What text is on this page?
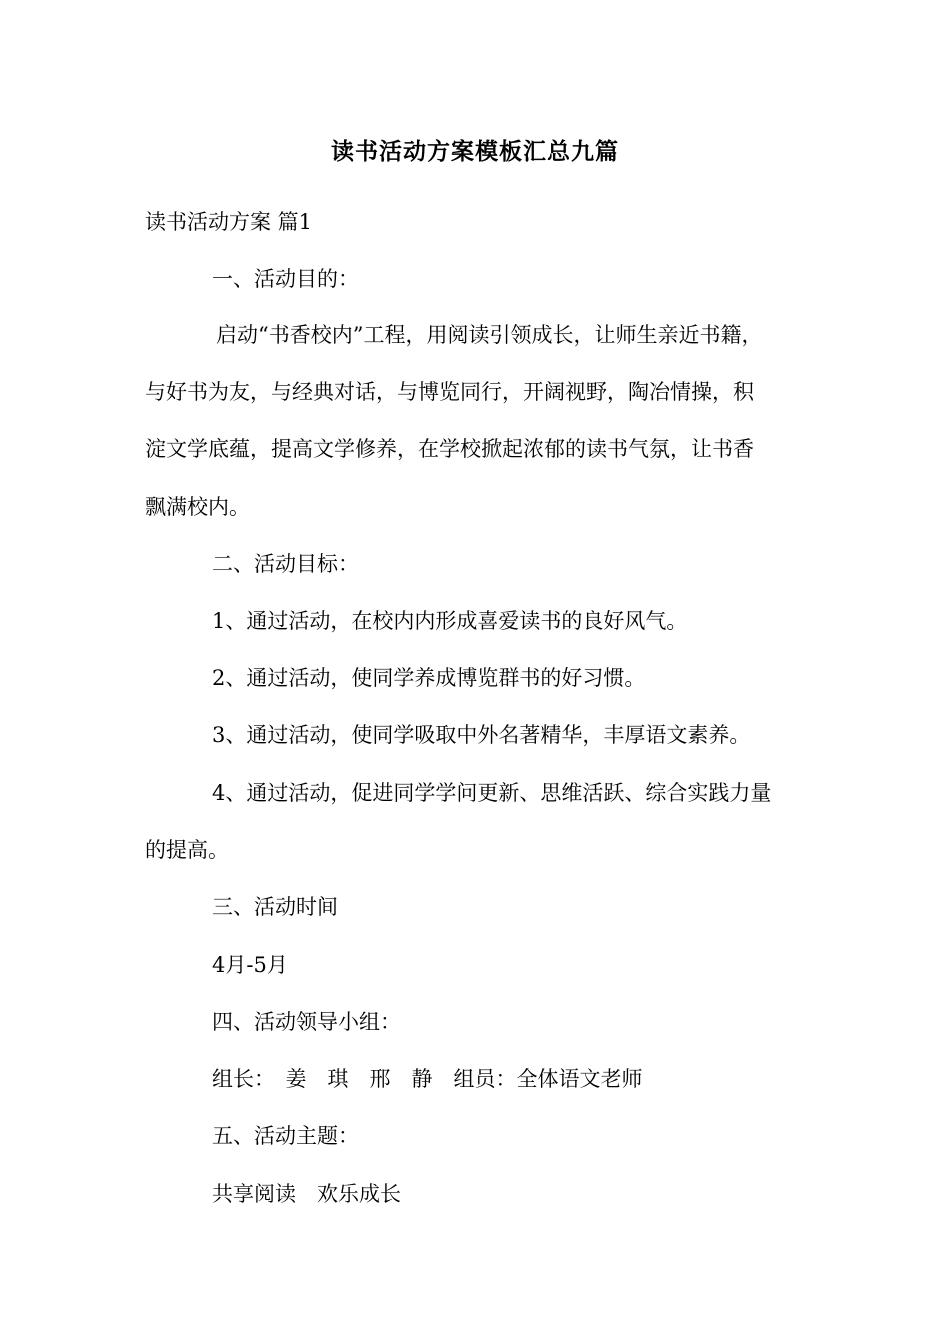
读书活动方案模板汇总九篇
读书活动方案 篇1
一、活动目的：
启动“书香校内”工程，用阅读引领成长，让师生亲近书籍，
与好书为友，与经典对话，与博览同行，开阔视野，陶冶情操，积
淀文学底蕴，提高文学修养，在学校掀起浓郁的读书气氛，让书香
飘满校内。
二、活动目标：
1、通过活动，在校内内形成喜爱读书的良好风气。
2、通过活动，使同学养成博览群书的好习惯。
3、通过活动，使同学吸取中外名著精华，丰厚语文素养。
4、通过活动，促进同学学问更新、思维活跃、综合实践力量
的提高。
三、活动时间
4月-5月
四、活动领导小组：
组长：　姜　琪　邢　静　组员：全体语文老师
五、活动主题：
共享阅读　欢乐成长
